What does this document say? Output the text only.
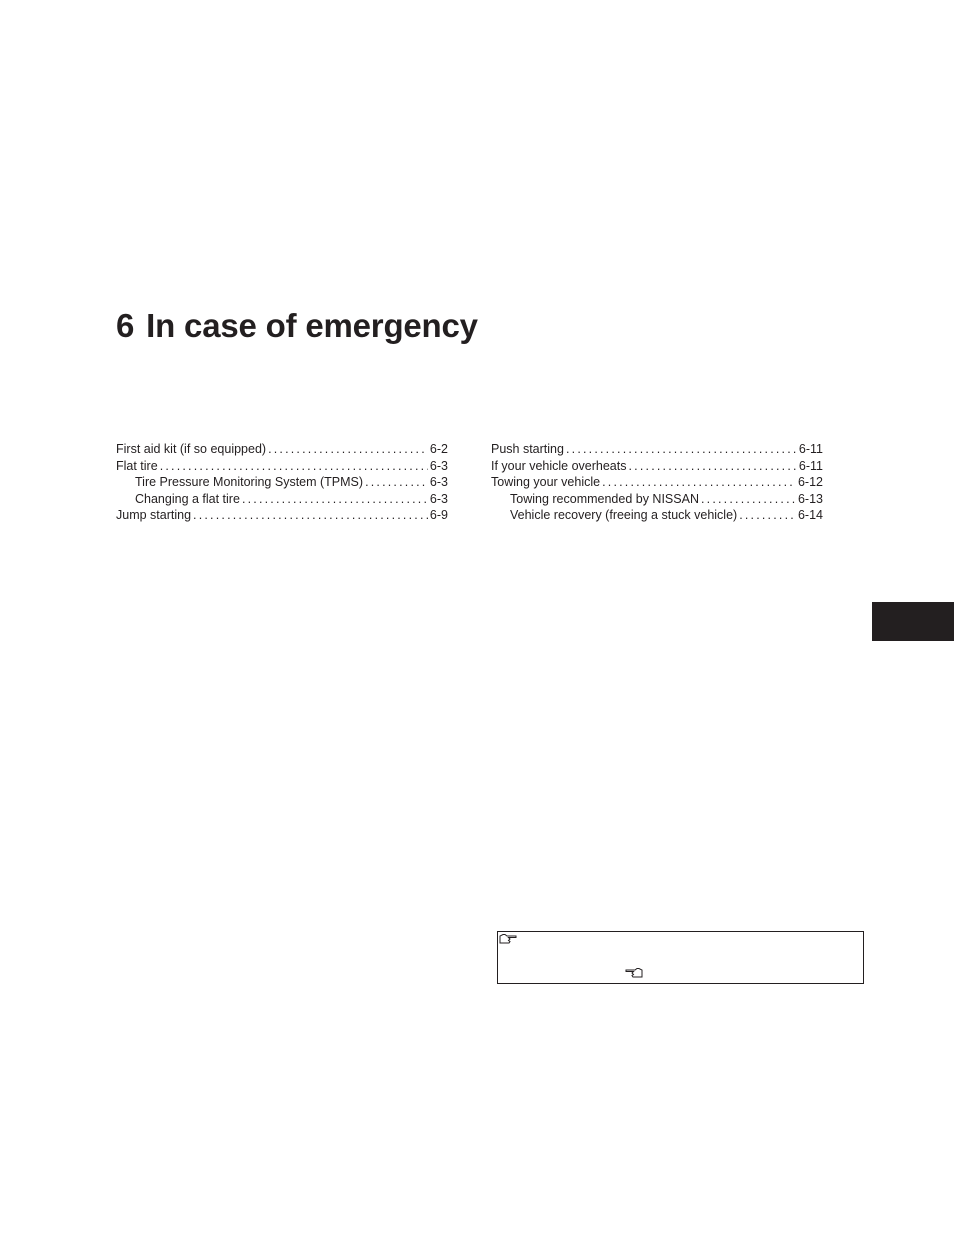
6 In case of emergency
First aid kit (if so equipped) .....	6-2
Flat tire .....	6-3
Tire Pressure Monitoring System (TPMS) .....	6-3
Changing a flat tire .....	6-3
Jump starting .....	6-9
Push starting .....	6-11
If your vehicle overheats .....	6-11
Towing your vehicle .....	6-12
Towing recommended by NISSAN .....	6-13
Vehicle recovery (freeing a stuck vehicle) .....	6-14
